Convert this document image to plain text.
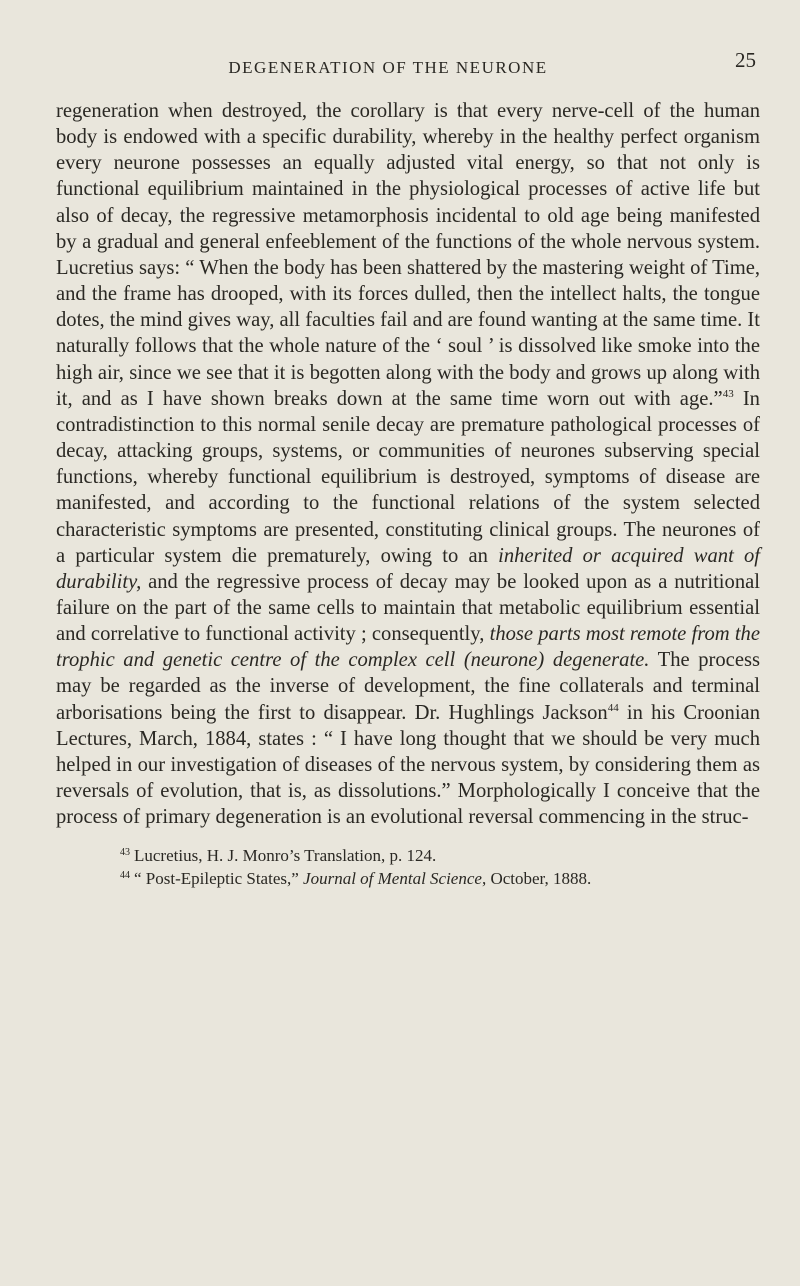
DEGENERATION OF THE NEURONE	25

regeneration when destroyed, the corollary is that every nerve-cell of the human body is endowed with a specific durability, whereby in the healthy perfect organism every neurone possesses an equally adjusted vital energy, so that not only is functional equilibrium maintained in the physiological processes of active life but also of decay, the regressive metamorphosis incidental to old age being manifested by a gradual and general enfeeblement of the functions of the whole nervous system. Lucretius says: “ When the body has been shattered by the mastering weight of Time, and the frame has drooped, with its forces dulled, then the intellect halts, the tongue dotes, the mind gives way, all faculties fail and are found wanting at the same time. It naturally follows that the whole nature of the ‘ soul ’ is dissolved like smoke into the high air, since we see that it is begotten along with the body and grows up along with it, and as I have shown breaks down at the same time worn out with age.”$^{43}$ In contradistinction to this normal senile decay are premature pathological processes of decay, attacking groups, systems, or communities of neurones subserving special functions, whereby functional equilibrium is destroyed, symptoms of disease are manifested, and according to the functional relations of the system selected characteristic symptoms are presented, constituting clinical groups. The neurones of a particular system die prematurely, owing to an inherited or acquired want of durability, and the regressive process of decay may be looked upon as a nutritional failure on the part of the same cells to maintain that metabolic equilibrium essential and correlative to functional activity ; consequently, those parts most remote from the trophic and genetic centre of the complex cell (neurone) degenerate. The process may be regarded as the inverse of development, the fine collaterals and terminal arborisations being the first to disappear. Dr. Hughlings Jackson$^{44}$ in his Croonian Lectures, March, 1884, states : “ I have long thought that we should be very much helped in our investigation of diseases of the nervous system, by considering them as reversals of evolution, that is, as dissolutions.” Morphologically I conceive that the process of primary degeneration is an evolutional reversal commencing in the struc-

$^{43}$ Lucretius, H. J. Monro’s Translation, p. 124.
$^{44}$ “ Post-Epileptic States,” Journal of Mental Science, October, 1888.
